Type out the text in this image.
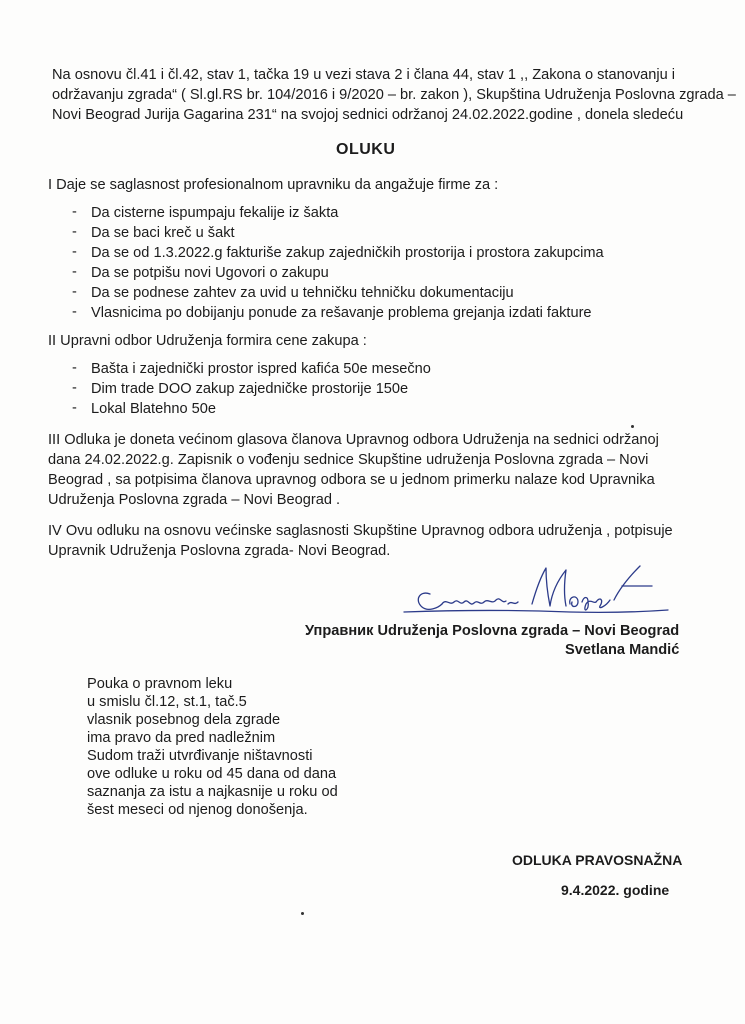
Na osnovu čl.41 i čl.42, stav 1, tačka 19 u vezi stava 2 i člana 44, stav 1 ,, Zakona o stanovanju i
održavanju zgrada“ ( Sl.gl.RS br. 104/2016 i 9/2020 – br. zakon ), Skupština Udruženja Poslovna zgrada –
Novi Beograd Jurija Gagarina 231“ na svojoj sednici održanoj 24.02.2022.godine , donela sledeću
OLUKU
I Daje se saglasnost profesionalnom upravniku da angažuje firme za :
- Da cisterne ispumpaju fekalije iz šakta
- Da se baci kreč u šakt
- Da se od 1.3.2022.g fakturiše zakup zajedničkih prostorija i prostora zakupcima
- Da se potpišu novi Ugovori o zakupu
- Da se podnese zahtev za uvid u tehničku tehničku dokumentaciju
- Vlasnicima po dobijanju ponude za rešavanje problema grejanja izdati fakture
II Upravni odbor Udruženja formira cene zakupa :
- Bašta i zajednički prostor ispred kafića 50e mesečno
- Dim trade DOO zakup zajedničke prostorije 150e
- Lokal Blatehno 50e
III Odluka je doneta većinom glasova članova Upravnog odbora Udruženja na sednici održanoj
dana 24.02.2022.g. Zapisnik o vođenju sednice Skupštine udruženja Poslovna zgrada – Novi
Beograd , sa potpisima članova upravnog odbora se u jednom primerku nalaze kod Upravnika
Udruženja Poslovna zgrada – Novi Beograd .
IV Ovu odluku na osnovu većinske saglasnosti Skupštine Upravnog odbora udruženja , potpisuje
Upravnik Udruženja Poslovna zgrada- Novi Beograd.
Управник Udruženja Poslovna zgrada – Novi Beograd
Svetlana Mandić
Pouka o pravnom leku
u smislu čl.12, st.1, tač.5
vlasnik posebnog dela zgrade
ima pravo da pred nadležnim
Sudom traži utvrđivanje ništavnosti
ove odluke u roku od 45 dana od dana
saznanja za istu a najkasnije u roku od
šest meseci od njenog donošenja.
ODLUKA PRAVOSNAŽNA
9.4.2022. godine
